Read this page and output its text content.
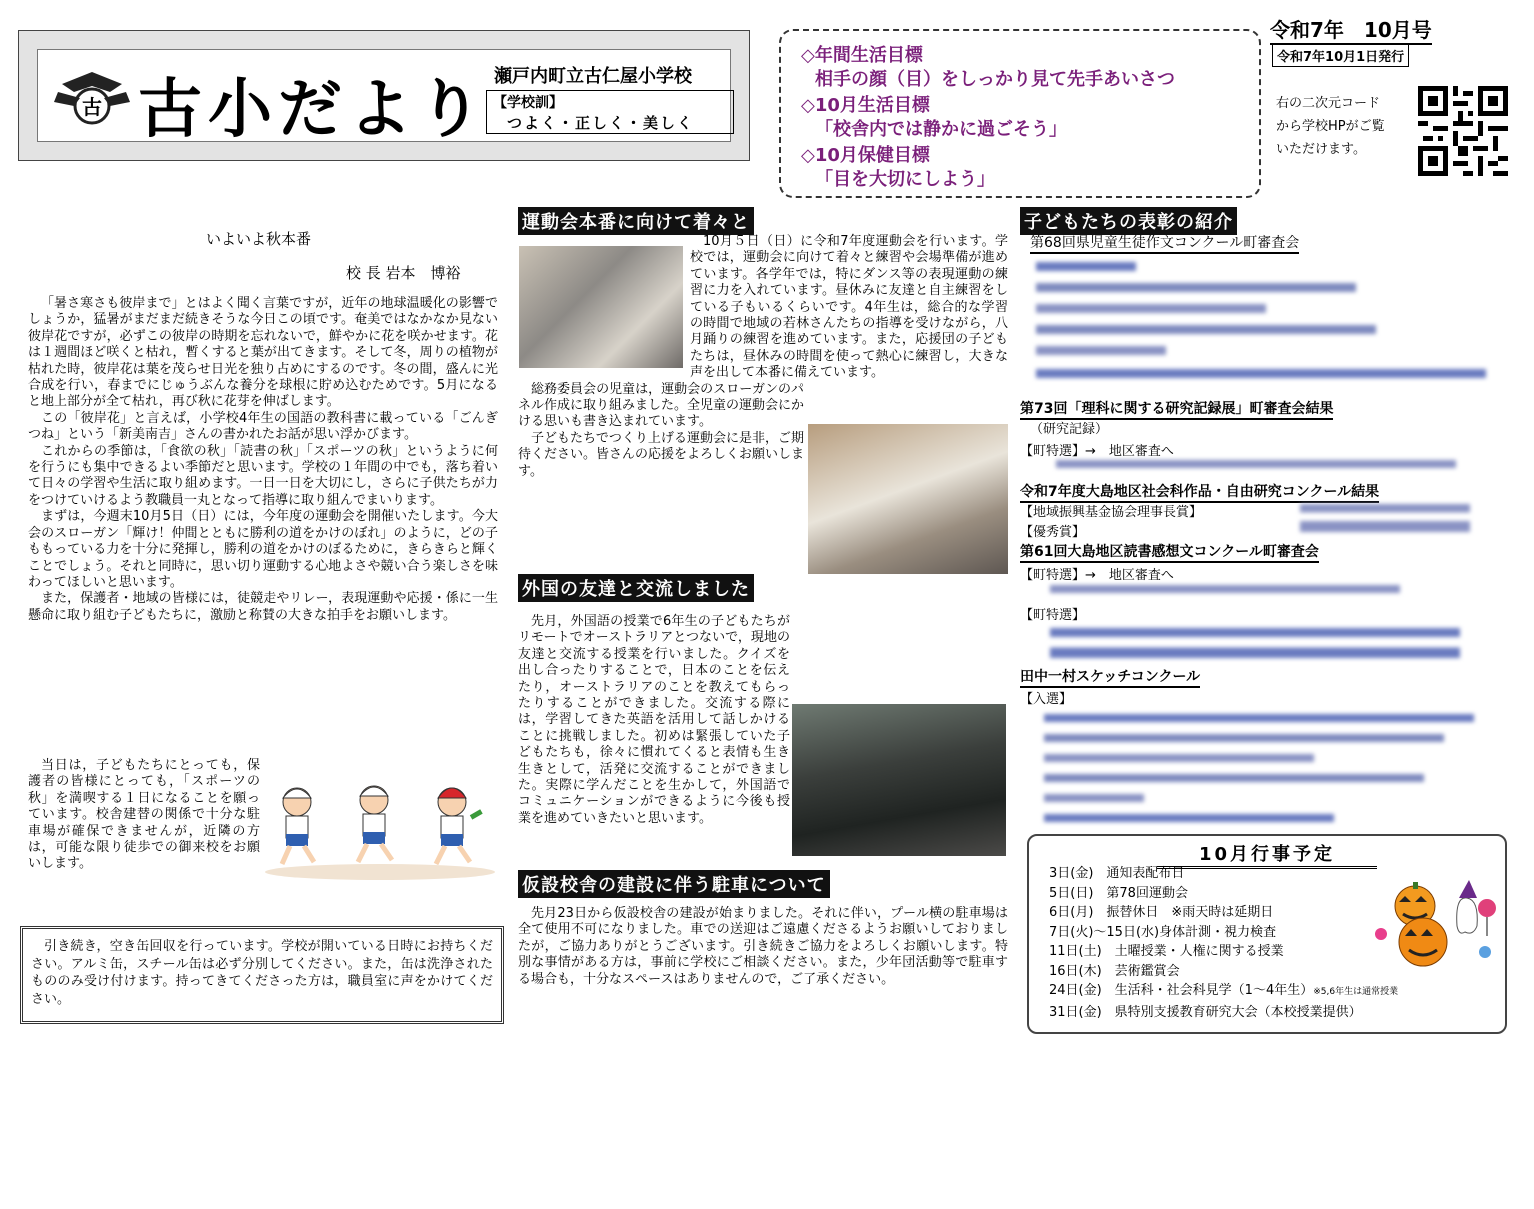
古 古小だより 瀬戸内町立古仁屋小学校
【学校訓】
つよく・正しく・美しく
◇年間生活目標
相手の顔（目）をしっかり見て先手あいさつ
◇10月生活目標
「校舎内では静かに過ごそう」
◇10月保健目標
「目を大切にしよう」
令和7年　10月号
令和7年10月1日発行
右の二次元コードから学校HPがご覧いただけます。
いよいよ秋本番
校 長 岩本　博裕

「暑さ寒さも彼岸まで」とはよく聞く言葉ですが，近年の地球温暖化の影響でしょうか，猛暑がまだまだ続きそうな今日この頃です。奄美ではなかなか見ない彼岸花ですが，必ずこの彼岸の時期を忘れないで，鮮やかに花を咲かせます。花は１週間ほど咲くと枯れ，暫くすると葉が出てきます。そして冬，周りの植物が枯れた時，彼岸花は葉を茂らせ日光を独り占めにするのです。冬の間，盛んに光合成を行い，春までにじゅうぶんな養分を球根に貯め込むためです。5月になると地上部分が全て枯れ，再び秋に花芽を伸ばします。

この「彼岸花」と言えば，小学校4年生の国語の教科書に載っている「ごんぎつね」という「新美南吉」さんの書かれたお話が思い浮かびます。

これからの季節は，「食欲の秋」「読書の秋」「スポーツの秋」というように何を行うにも集中できるよい季節だと思います。学校の１年間の中でも，落ち着いて日々の学習や生活に取り組めます。一日一日を大切にし，さらに子供たちが力をつけていけるよう教職員一丸となって指導に取り組んでまいります。

まずは，今週末10月5日（日）には，今年度の運動会を開催いたします。今大会のスローガン「輝け！仲間とともに勝利の道をかけのぼれ」のように，どの子ももっている力を十分に発揮し，勝利の道をかけのぼるために，きらきらと輝くことでしょう。それと同時に，思い切り運動する心地よさや競い合う楽しさを味わってほしいと思います。

また，保護者・地域の皆様には，徒競走やリレー，表現運動や応援・係に一生懸命に取り組む子どもたちに，激励と称賛の大きな拍手をお願いします。

当日は，子どもたちにとっても，保護者の皆様にとっても，「スポーツの秋」を満喫する１日になることを願っています。校舎建替の関係で十分な駐車場が確保できませんが，近隣の方は，可能な限り徒歩での御来校をお願いします。

引き続き，空き缶回収を行っています。学校が開いている日時にお持ちください。アルミ缶，スチール缶は必ず分別してください。また，缶は洗浄されたもののみ受け付けます。持ってきてくださった方は，職員室に声をかけてください。

運動会本番に向けて着々と

10月５日（日）に令和7年度運動会を行います。学校では，運動会に向けて着々と練習や会場準備が進めています。各学年では，特にダンス等の表現運動の練習に力を入れています。昼休みに友達と自主練習をしている子もいるくらいです。4年生は，総合的な学習の時間で地域の若林さんたちの指導を受けながら，八月踊りの練習を進めています。また，応援団の子どもたちは，昼休みの時間を使って熱心に練習し，大きな声を出して本番に備えています。

総務委員会の児童は，運動会のスローガンのパネル作成に取り組みました。全児童の運動会にかける思いも書き込まれています。

子どもたちでつくり上げる運動会に是非，ご期待ください。皆さんの応援をよろしくお願いします。

外国の友達と交流しました

先月，外国語の授業で6年生の子どもたちがリモートでオーストラリアとつないで，現地の友達と交流する授業を行いました。クイズを出し合ったりすることで，日本のことを伝えたり，オーストラリアのことを教えてもらったりすることができました。交流する際には，学習してきた英語を活用して話しかけることに挑戦しました。初めは緊張していた子どもたちも，徐々に慣れてくると表情も生き生きとして，活発に交流することができました。実際に学んだことを生かして，外国語でコミュニケーションができるように今後も授業を進めていきたいと思います。

仮設校舎の建設に伴う駐車について

先月23日から仮設校舎の建設が始まりました。それに伴い，プール横の駐車場は全て使用不可になりました。車での送迎はご遠慮くださるようお願いしておりましたが，ご協力ありがとうございます。引き続きご協力をよろしくお願いします。特別な事情がある方は，事前に学校にご相談ください。また，少年団活動等で駐車する場合も，十分なスペースはありませんので，ご了承ください。

子どもたちの表彰の紹介
第68回県児童生徒作文コンクール町審査会
第73回「理科に関する研究記録展」町審査会結果
（研究記録）
【町特選】→　地区審査へ
令和7年度大島地区社会科作品・自由研究コンクール結果
【地域振興基金協会理事長賞】
【優秀賞】
第61回大島地区読書感想文コンクール町審査会
【町特選】→　地区審査へ
【町特選】
田中一村スケッチコンクール
【入選】
10月行事予定
3日(金)　通知表配布日
5日(日)　第78回運動会
6日(月)　振替休日　※雨天時は延期日
7日(火)～15日(水)身体計測・視力検査
11日(土)　土曜授業・人権に関する授業
16日(木)　芸術鑑賞会
24日(金)　生活科・社会科見学（1～4年生）※5,6年生は通常授業
31日(金)　県特別支援教育研究大会（本校授業提供）
